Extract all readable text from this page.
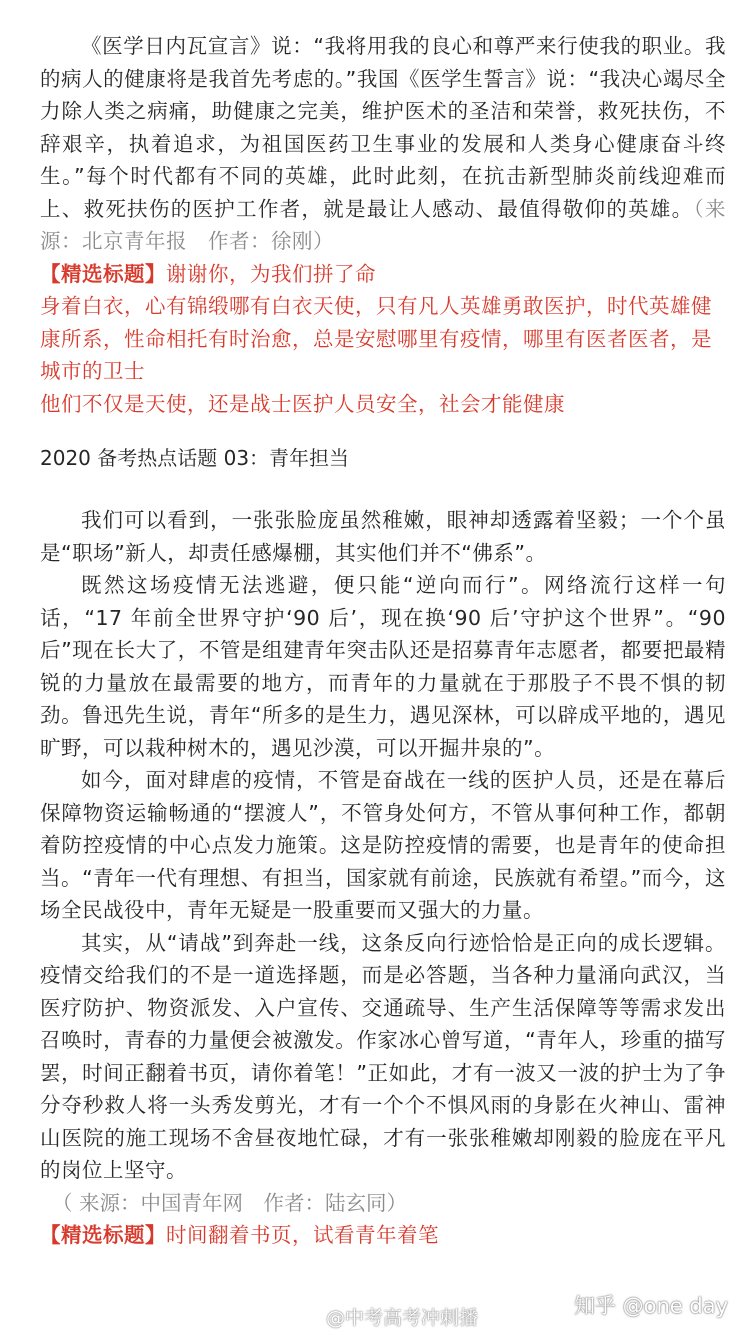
《医学日内瓦宣言》说：“我将用我的良心和尊严来行使我的职业。我的病人的健康将是我首先考虑的。”我国《医学生誓言》说：“我决心竭尽全力除人类之病痛，助健康之完美，维护医术的圣洁和荣誉，救死扶伤，不辞艰辛，执着追求，为祖国医药卫生事业的发展和人类身心健康奋斗终生。”每个时代都有不同的英雄，此时此刻，在抗击新型肺炎前线迎难而上、救死扶伤的医护工作者，就是最让人感动、最值得敬仰的英雄。（来源：北京青年报　作者：徐刚）

【精选标题】谢谢你，为我们拼了命
身着白衣，心有锦缎哪有白衣天使，只有凡人英雄勇敢医护，时代英雄健康所系，性命相托有时治愈，总是安慰哪里有疫情，哪里有医者医者，是城市的卫士
他们不仅是天使，还是战士医护人员安全，社会才能健康
2020 备考热点话题 03：青年担当

我们可以看到，一张张脸庞虽然稚嫩，眼神却透露着坚毅；一个个虽是“职场”新人，却责任感爆棚，其实他们并不“佛系”。

既然这场疫情无法逃避，便只能“逆向而行”。网络流行这样一句话，“17 年前全世界守护‘90 后’，现在换‘90 后’守护这个世界”。“90后”现在长大了，不管是组建青年突击队还是招募青年志愿者，都要把最精锐的力量放在最需要的地方，而青年的力量就在于那股子不畏不惧的韧劲。鲁迅先生说，青年“所多的是生力，遇见深林，可以辟成平地的，遇见旷野，可以栽种树木的，遇见沙漠，可以开掘井泉的”。

如今，面对肆虐的疫情，不管是奋战在一线的医护人员，还是在幕后保障物资运输畅通的“摆渡人”，不管身处何方，不管从事何种工作，都朝着防控疫情的中心点发力施策。这是防控疫情的需要，也是青年的使命担当。“青年一代有理想、有担当，国家就有前途，民族就有希望。”而今，这场全民战役中，青年无疑是一股重要而又强大的力量。

其实，从“请战”到奔赴一线，这条反向行迹恰恰是正向的成长逻辑。疫情交给我们的不是一道选择题，而是必答题，当各种力量涌向武汉，当医疗防护、物资派发、入户宣传、交通疏导、生产生活保障等等需求发出召唤时，青春的力量便会被激发。作家冰心曾写道，“青年人，珍重的描写罢，时间正翻着书页，请你着笔！”正如此，才有一波又一波的护士为了争分夺秒救人将一头秀发剪光，才有一个个不惧风雨的身影在火神山、雷神山医院的施工现场不舍昼夜地忙碌，才有一张张稚嫩却刚毅的脸庞在平凡的岗位上坚守。

（ 来源：中国青年网　作者：陆玄同）
【精选标题】时间翻着书页，试看青年着笔
@中考高考冲刺播	知乎 @one day
